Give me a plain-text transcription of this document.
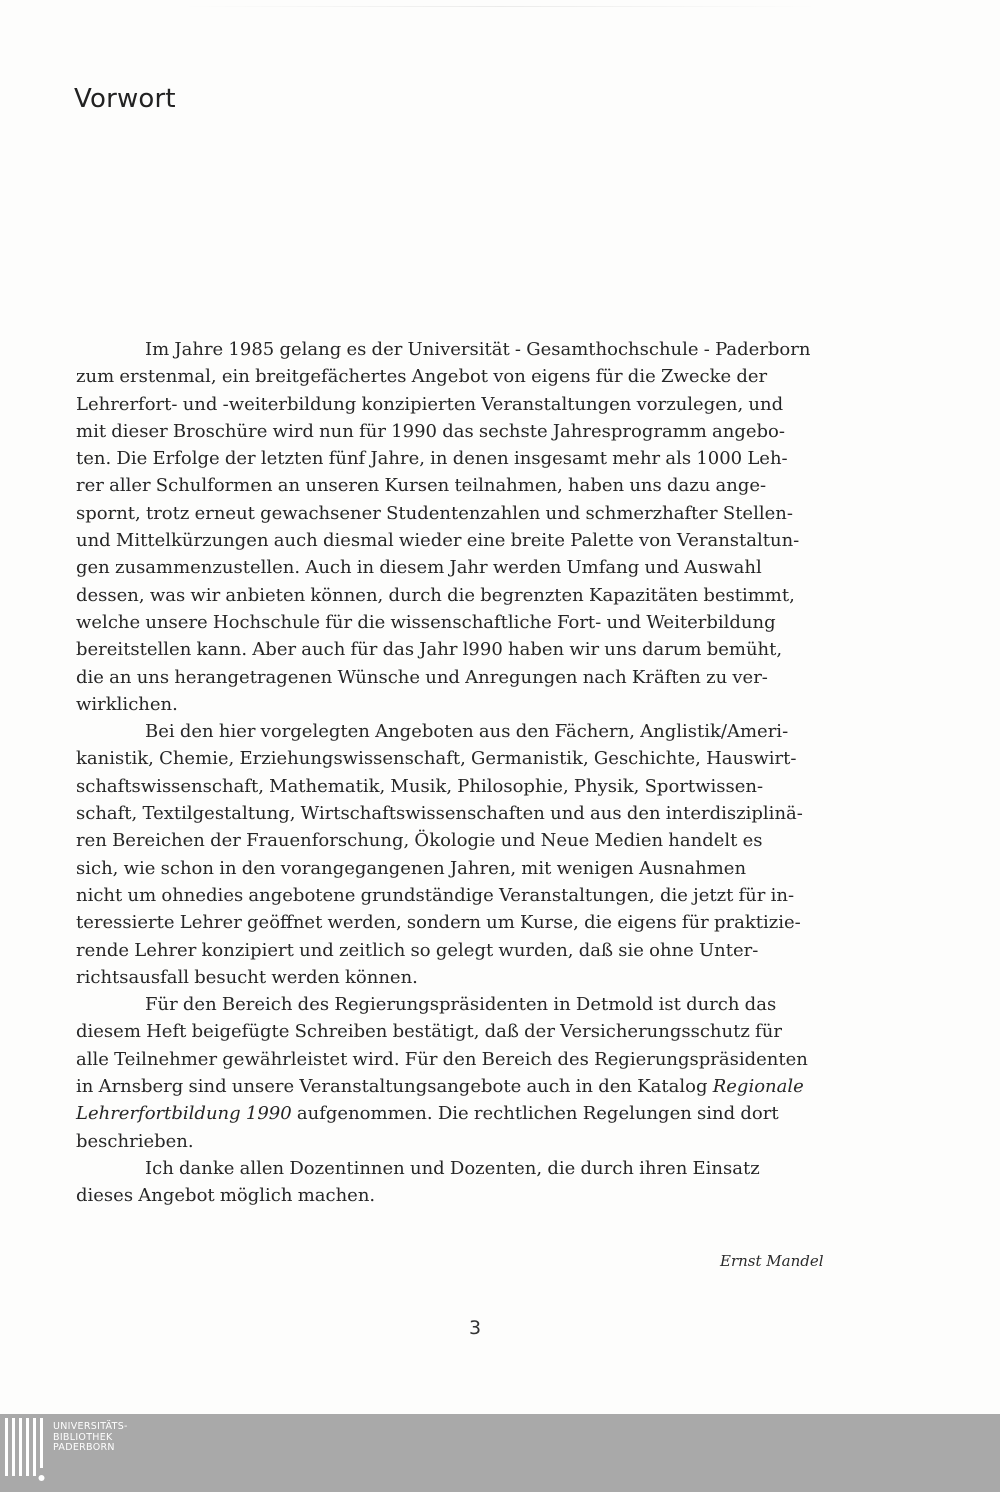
Vorwort

Im Jahre 1985 gelang es der Universität - Gesamthochschule - Paderborn
zum erstenmal, ein breitgefächertes Angebot von eigens für die Zwecke der
Lehrerfort- und -weiterbildung konzipierten Veranstaltungen vorzulegen, und
mit dieser Broschüre wird nun für 1990 das sechste Jahresprogramm angebo-
ten. Die Erfolge der letzten fünf Jahre, in denen insgesamt mehr als 1000 Leh-
rer aller Schulformen an unseren Kursen teilnahmen, haben uns dazu ange-
spornt, trotz erneut gewachsener Studentenzahlen und schmerzhafter Stellen-
und Mittelkürzungen auch diesmal wieder eine breite Palette von Veranstaltun-
gen zusammenzustellen. Auch in diesem Jahr werden Umfang und Auswahl
dessen, was wir anbieten können, durch die begrenzten Kapazitäten bestimmt,
welche unsere Hochschule für die wissenschaftliche Fort- und Weiterbildung
bereitstellen kann. Aber auch für das Jahr l990 haben wir uns darum bemüht,
die an uns herangetragenen Wünsche und Anregungen nach Kräften zu ver-
wirklichen.

Bei den hier vorgelegten Angeboten aus den Fächern, Anglistik/Ameri-
kanistik, Chemie, Erziehungswissenschaft, Germanistik, Geschichte, Hauswirt-
schaftswissenschaft, Mathematik, Musik, Philosophie, Physik, Sportwissen-
schaft, Textilgestaltung, Wirtschaftswissenschaften und aus den interdisziplinä-
ren Bereichen der Frauenforschung, Ökologie und Neue Medien handelt es
sich, wie schon in den vorangegangenen Jahren, mit wenigen Ausnahmen
nicht um ohnedies angebotene grundständige Veranstaltungen, die jetzt für in-
teressierte Lehrer geöffnet werden, sondern um Kurse, die eigens für praktizie-
rende Lehrer konzipiert und zeitlich so gelegt wurden, daß sie ohne Unter-
richtsausfall besucht werden können.

Für den Bereich des Regierungspräsidenten in Detmold ist durch das
diesem Heft beigefügte Schreiben bestätigt, daß der Versicherungsschutz für
alle Teilnehmer gewährleistet wird. Für den Bereich des Regierungspräsidenten
in Arnsberg sind unsere Veranstaltungsangebote auch in den Katalog Regionale
Lehrerfortbildung 1990 aufgenommen. Die rechtlichen Regelungen sind dort
beschrieben.

Ich danke allen Dozentinnen und Dozenten, die durch ihren Einsatz
dieses Angebot möglich machen.

Ernst Mandel
3
UNIVERSITÄTS-
BIBLIOTHEK
PADERBORN
